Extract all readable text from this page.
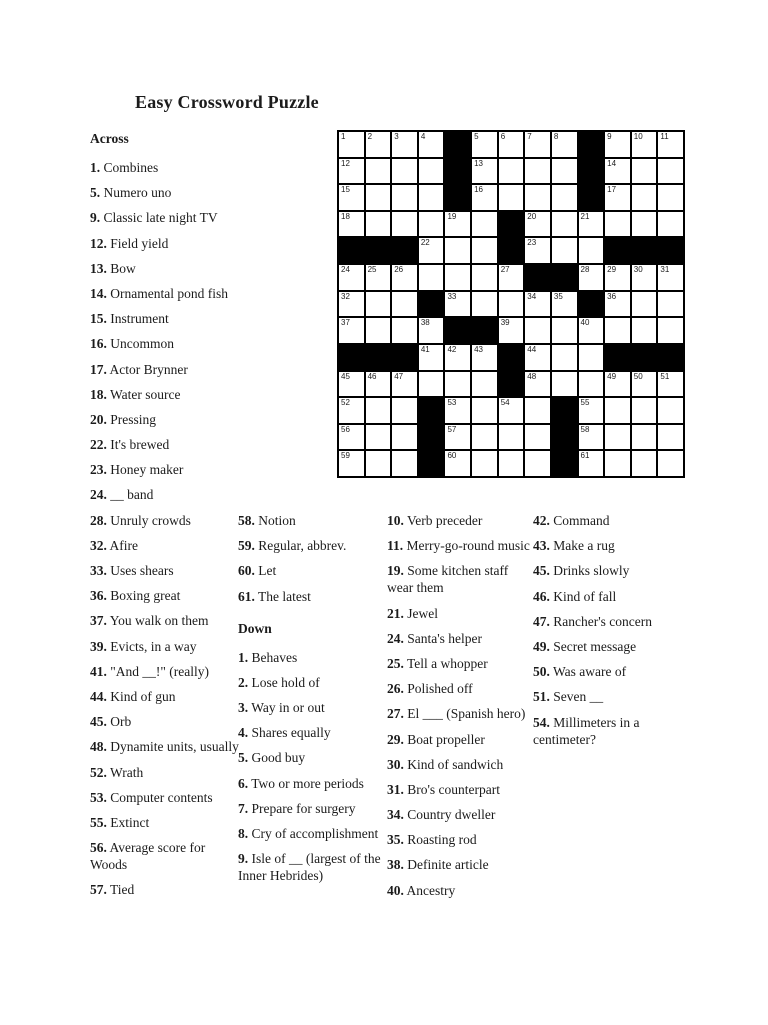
Easy Crossword Puzzle
1	2	3	4	5	6	7	8	9	10 11
12	13	14
15	16	17
18	19	20	21
22	23
24 25 26	27	28 29 30 31
32	33	34 35	36
37	38	39	40
41 42 43	44
45 46 47	48	49 50 51
52	53	54	55
56	57	58
59	60	61
Across
1. Combines
5. Numero uno
9. Classic late night TV
12. Field yield
13. Bow
14. Ornamental pond fish
15. Instrument
16. Uncommon
17. Actor Brynner
18. Water source
20. Pressing
22. It's brewed
23. Honey maker
24. __ band
28. Unruly crowds
32. Afire
33. Uses shears
36. Boxing great
37. You walk on them
39. Evicts, in a way
41. "And __!" (really)
44. Kind of gun
45. Orb
48. Dynamite units, usually
52. Wrath
53. Computer contents
55. Extinct
56. Average score for Woods
57. Tied
58. Notion
59. Regular, abbrev.
60. Let
61. The latest
Down
1. Behaves
2. Lose hold of
3. Way in or out
4. Shares equally
5. Good buy
6. Two or more periods
7. Prepare for surgery
8. Cry of accomplishment
9. Isle of __ (largest of the Inner Hebrides)
10. Verb preceder
11. Merry-go-round music
19. Some kitchen staff wear them
21. Jewel
24. Santa's helper
25. Tell a whopper
26. Polished off
27. El ___ (Spanish hero)
29. Boat propeller
30. Kind of sandwich
31. Bro's counterpart
34. Country dweller
35. Roasting rod
38. Definite article
40. Ancestry
42. Command
43. Make a rug
45. Drinks slowly
46. Kind of fall
47. Rancher's concern
49. Secret message
50. Was aware of
51. Seven __
54. Millimeters in a centimeter?
